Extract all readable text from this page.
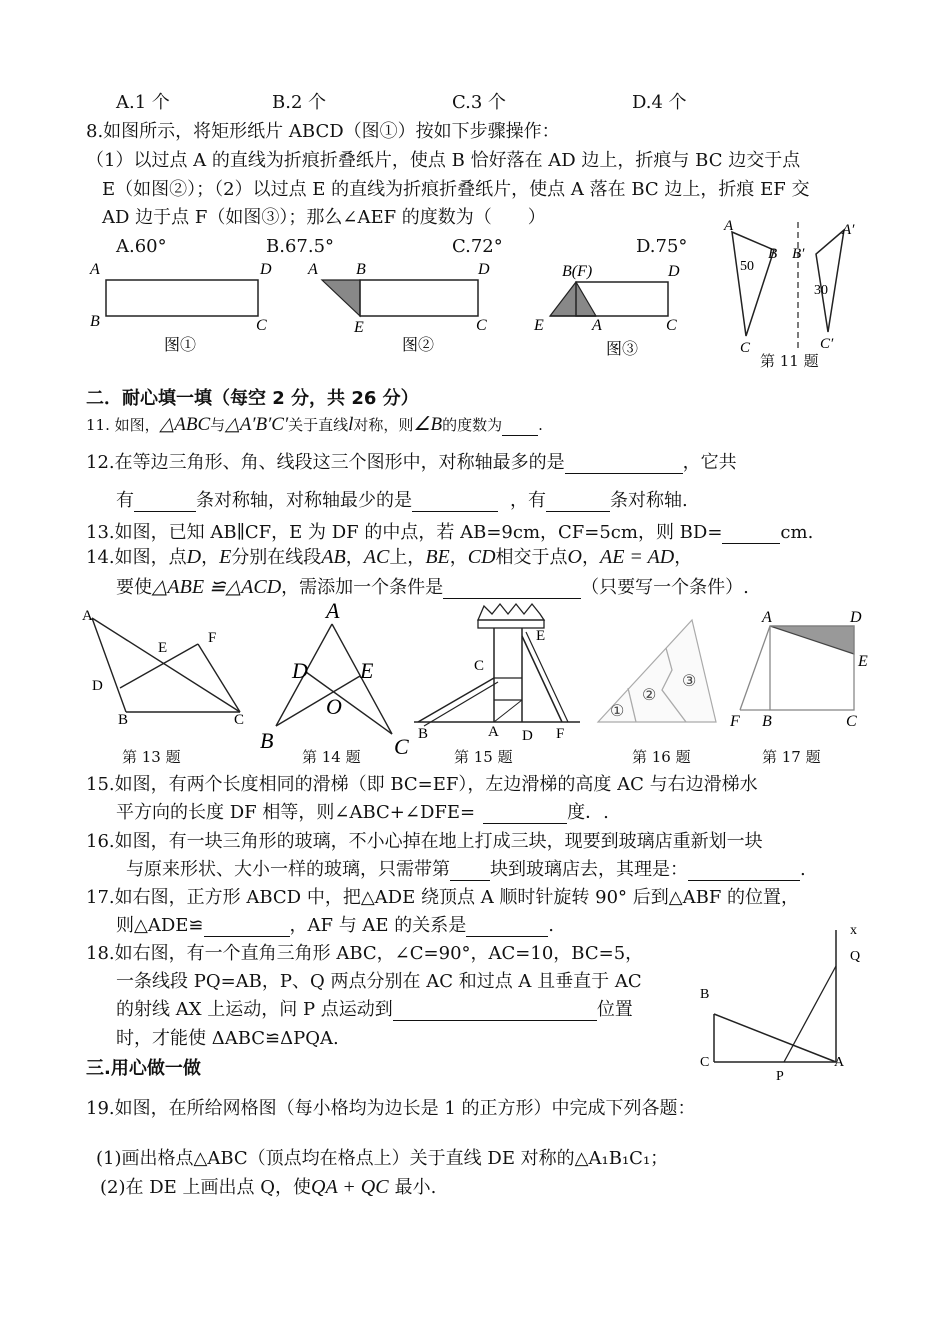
A.1 个	B.2 个	C.3 个	D.4 个
8.如图所示，将矩形纸片 ABCD（图①）按如下步骤操作：
（1）以过点 A 的直线为折痕折叠纸片，使点 B 恰好落在 AD 边上，折痕与 BC 边交于点
E（如图②）；（2）以过点 E 的直线为折痕折叠纸片，使点 A 落在 BC 边上，折痕 EF 交
AD 边于点 F（如图③）；那么∠AEF 的度数为（　　）
A.60°	B.67.5°	C.72°	D.75°
A	D
B	C
图①
A B	D
E	C
图②
B(F)	D
E	A	C
图③
A
B
C
50
A′
B′
C′
30
第 11 题
二．耐心填一填（每空 2 分，共 26 分）
11. 如图，△ABC与△A′B′C′关于直线l对称，则∠B的度数为 .
12.在等边三角形、角、线段这三个图形中，对称轴最多的是	，它共
有	条对称轴，对称轴最少的是	，有	条对称轴.
13.如图，已知 AB∥CF，E 为 DF 的中点，若 AB=9cm，CF=5cm，则 BD=	cm.
14.如图，点D，E分别在线段AB，AC上，BE，CD相交于点O，AE = AD，
要使△ABE ≌△ACD，需添加一个条件是	（只要写一个条件）.
A
E
F
D
B	C
第 13 题
A
D E
O
B	C
第 14 题
E
C
B	A D F
第 15 题
①
②
③
第 16 题
A	D
E
F B	C
第 17 题
15.如图，有两个长度相同的滑梯（即 BC=EF），左边滑梯的高度 AC 与右边滑梯水
平方向的长度 DF 相等，则∠ABC+∠DFE=	度．.
16.如图，有一块三角形的玻璃，不小心掉在地上打成三块，现要到玻璃店重新划一块
与原来形状、大小一样的玻璃，只需带第 块到玻璃店去，其理是：	.
17.如右图，正方形 ABCD 中，把△ADE 绕顶点 A 顺时针旋转 90° 后到△ABF 的位置，
则△ADE≌	，AF 与 AE 的关系是	.
18.如右图，有一个直角三角形 ABC，∠C=90°，AC=10，BC=5，
一条线段 PQ=AB，P、Q 两点分别在 AC 和过点 A 且垂直于 AC
的射线 AX 上运动，问 P 点运动到	位置
时，才能使 ΔABC≌ΔPQA.
x
Q
B
C
P
A
三.用心做一做
19.如图，在所给网格图（每小格均为边长是 1 的正方形）中完成下列各题：
(1)画出格点△ABC（顶点均在格点上）关于直线 DE 对称的△A₁B₁C₁；
(2)在 DE 上画出点 Q，使QA + QC 最小.
